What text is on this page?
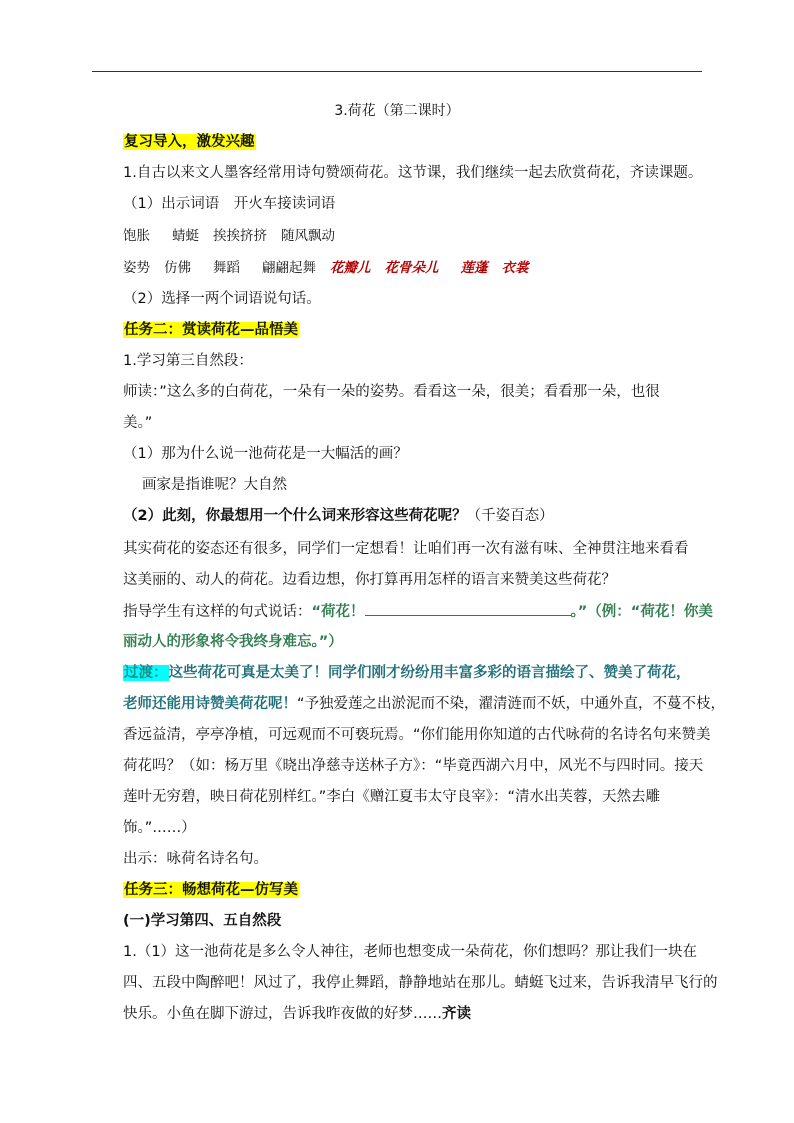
3.荷花（第二课时）
复习导入，激发兴趣
1.自古以来文人墨客经常用诗句赞颂荷花。这节课，我们继续一起去欣赏荷花，齐读课题。
（1）出示词语　开火车接读词语
饱胀 蜻蜓 挨挨挤挤 随风飘动
姿势 仿佛 舞蹈 翩翩起舞 花瓣儿 花骨朵儿 莲蓬 衣裳
（2）选择一两个词语说句话。
任务二：赏读荷花—品悟美
1.学习第三自然段：
师读：”这么多的白荷花，一朵有一朵的姿势。看看这一朵，很美；看看那一朵，也很
美。”
（1）那为什么说一池荷花是一大幅活的画？
画家是指谁呢？大自然
（2）此刻，你最想用一个什么词来形容这些荷花呢？（千姿百态）
其实荷花的姿态还有很多，同学们一定想看！让咱们再一次有滋有味、全神贯注地来看看
这美丽的、动人的荷花。边看边想，你打算再用怎样的语言来赞美这些荷花？
指导学生有这样的句式说话：“荷花！	。”（例：“荷花！你美
丽动人的形象将令我终身难忘。”）
过渡：这些荷花可真是太美了！同学们刚才纷纷用丰富多彩的语言描绘了、赞美了荷花，
老师还能用诗赞美荷花呢！“予独爱莲之出淤泥而不染，濯清涟而不妖，中通外直，不蔓不枝，
香远益清，亭亭净植，可远观而不可亵玩焉。“你们能用你知道的古代咏荷的名诗名句来赞美
荷花吗？（如：杨万里《晓出净慈寺送林子方》：“毕竟西湖六月中，风光不与四时同。接天
莲叶无穷碧，映日荷花别样红。”李白《赠江夏韦太守良宰》：“清水出芙蓉，天然去雕
饰。”……）
出示：咏荷名诗名句。
任务三：畅想荷花—仿写美
(一)学习第四、五自然段
1.（1）这一池荷花是多么令人神往，老师也想变成一朵荷花，你们想吗？那让我们一块在
四、五段中陶醉吧！风过了，我停止舞蹈，静静地站在那儿。蜻蜓飞过来，告诉我清早飞行的
快乐。小鱼在脚下游过，告诉我昨夜做的好梦……齐读
